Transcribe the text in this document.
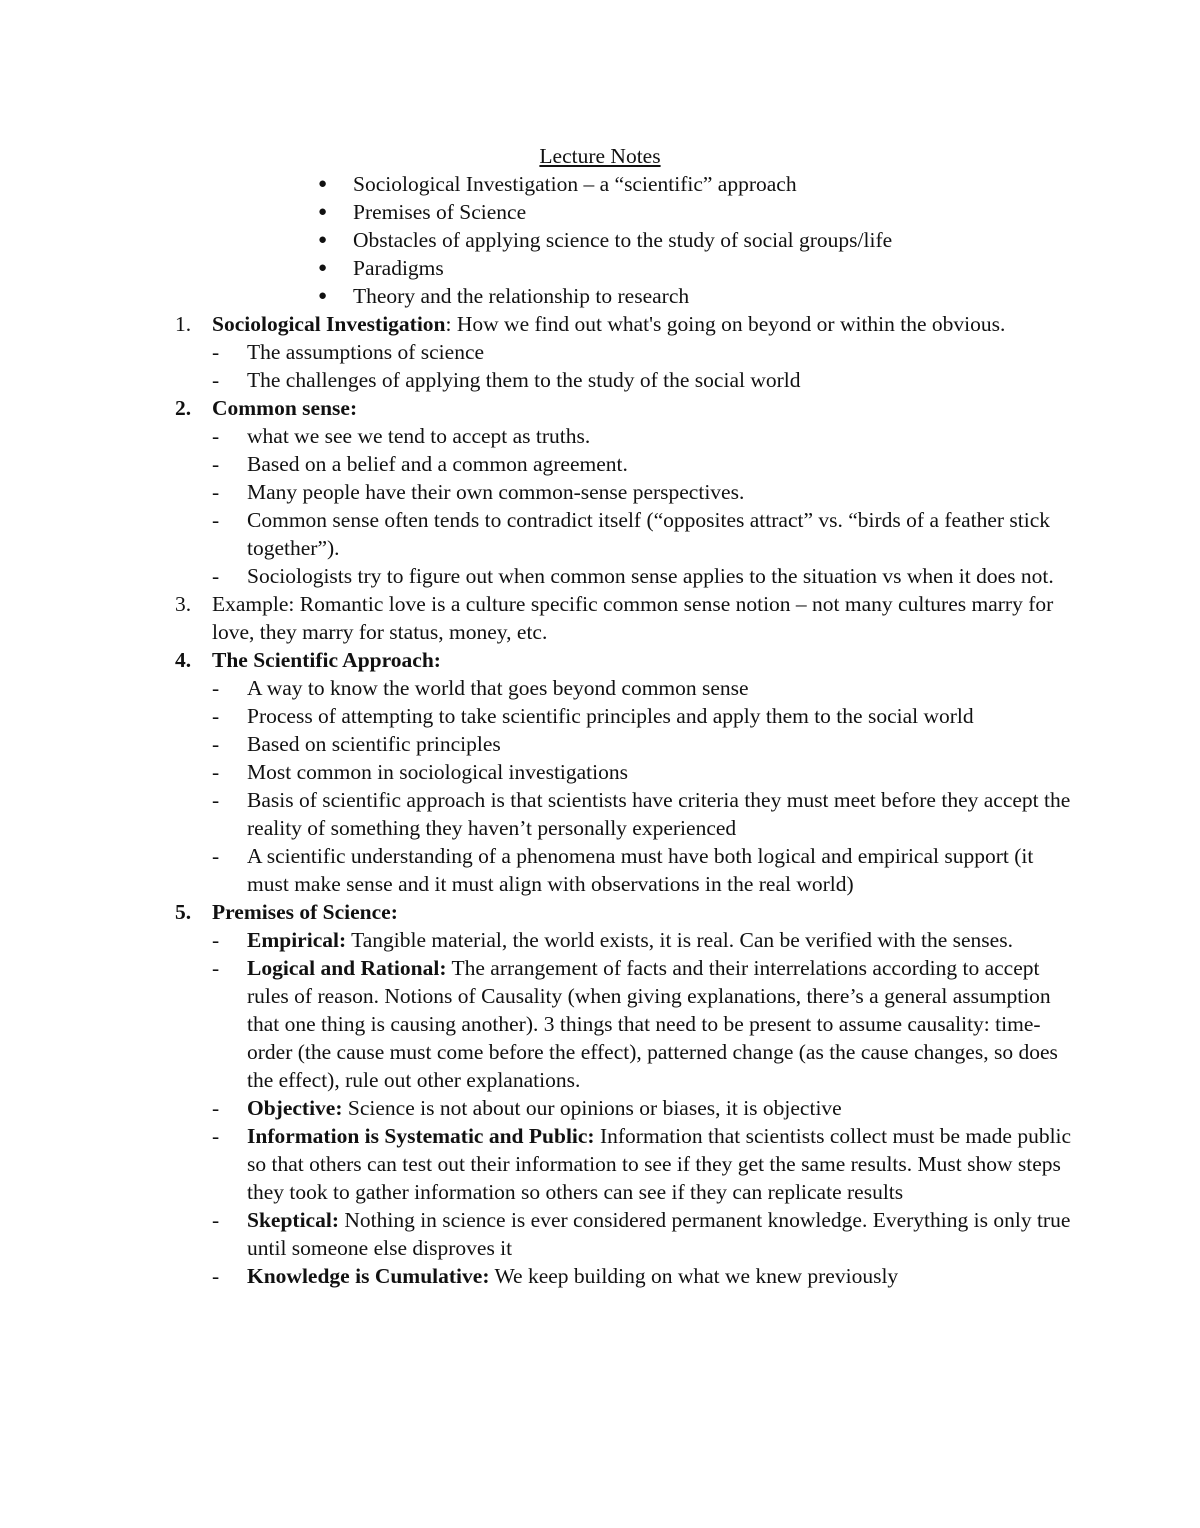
Lecture Notes
● Sociological Investigation – a “scientific” approach
● Premises of Science
● Obstacles of applying science to the study of social groups/life
● Paradigms
● Theory and the relationship to research
1. Sociological Investigation: How we find out what's going on beyond or within the obvious.
- The assumptions of science
- The challenges of applying them to the study of the social world
2. Common sense:
- what we see we tend to accept as truths.
- Based on a belief and a common agreement.
- Many people have their own common-sense perspectives.
- Common sense often tends to contradict itself (“opposites attract” vs. “birds of a feather stick together”).
- Sociologists try to figure out when common sense applies to the situation vs when it does not.
3. Example: Romantic love is a culture specific common sense notion – not many cultures marry for love, they marry for status, money, etc.
4. The Scientific Approach:
- A way to know the world that goes beyond common sense
- Process of attempting to take scientific principles and apply them to the social world
- Based on scientific principles
- Most common in sociological investigations
- Basis of scientific approach is that scientists have criteria they must meet before they accept the reality of something they haven’t personally experienced
- A scientific understanding of a phenomena must have both logical and empirical support (it must make sense and it must align with observations in the real world)
5. Premises of Science:
- Empirical: Tangible material, the world exists, it is real. Can be verified with the senses.
- Logical and Rational: The arrangement of facts and their interrelations according to accept rules of reason. Notions of Causality (when giving explanations, there’s a general assumption that one thing is causing another). 3 things that need to be present to assume causality: time-order (the cause must come before the effect), patterned change (as the cause changes, so does the effect), rule out other explanations.
- Objective: Science is not about our opinions or biases, it is objective
- Information is Systematic and Public: Information that scientists collect must be made public so that others can test out their information to see if they get the same results. Must show steps they took to gather information so others can see if they can replicate results
- Skeptical: Nothing in science is ever considered permanent knowledge. Everything is only true until someone else disproves it
- Knowledge is Cumulative: We keep building on what we knew previously
